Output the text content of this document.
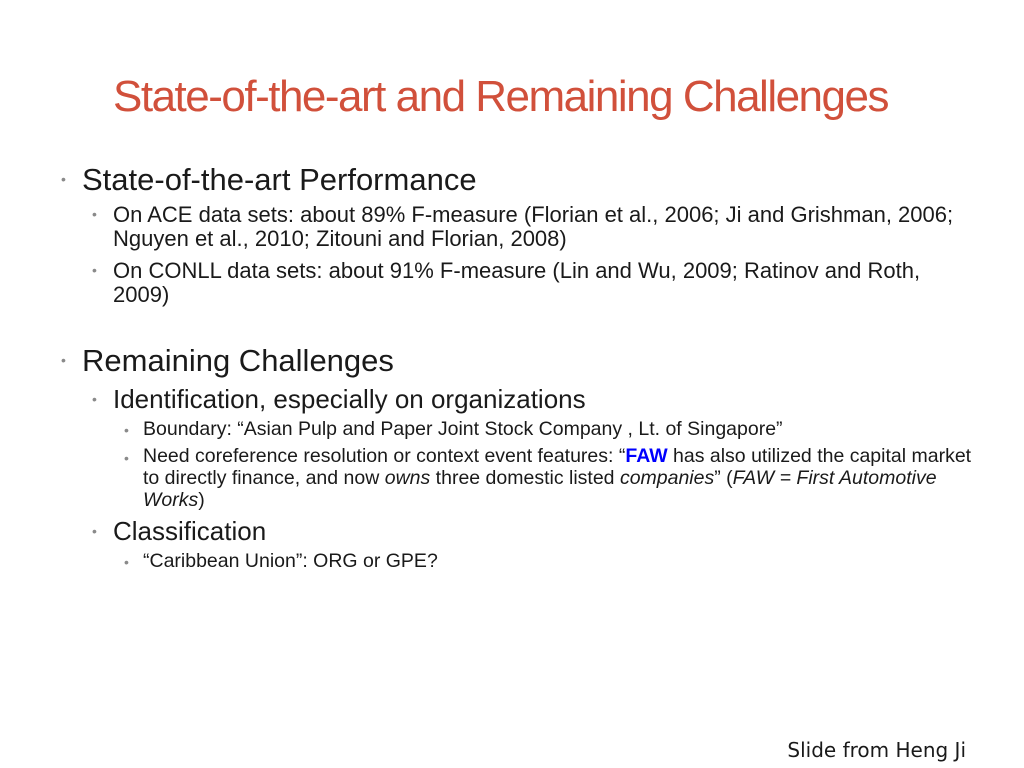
State-of-the-art and Remaining Challenges
• State-of-the-art Performance
• On ACE data sets: about 89% F-measure (Florian et al., 2006; Ji and Grishman, 2006; Nguyen et al., 2010; Zitouni and Florian, 2008)
• On CONLL data sets: about 91% F-measure (Lin and Wu, 2009; Ratinov and Roth, 2009)
• Remaining Challenges
• Identification, especially on organizations
• Boundary: “Asian Pulp and Paper Joint Stock Company , Lt. of Singapore”
• Need coreference resolution or context event features: “FAW has also utilized the capital market to directly finance, and now owns three domestic listed companies” (FAW = First Automotive Works)
• Classification
• “Caribbean Union”: ORG or GPE?
Slide from Heng Ji
